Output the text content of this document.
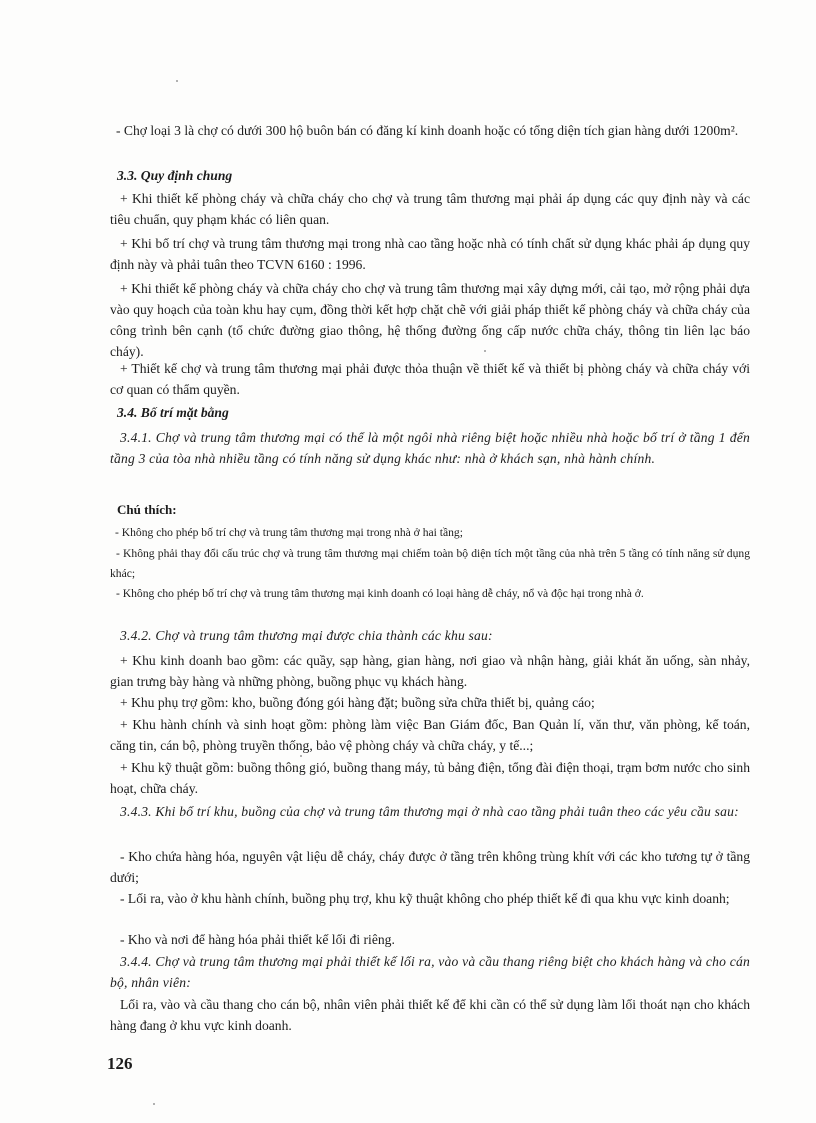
- Chợ loại 3 là chợ có dưới 300 hộ buôn bán có đăng kí kinh doanh hoặc có tổng diện tích gian hàng dưới 1200m².

3.3. Quy định chung

+ Khi thiết kế phòng cháy và chữa cháy cho chợ và trung tâm thương mại phải áp dụng các quy định này và các tiêu chuẩn, quy phạm khác có liên quan.

+ Khi bố trí chợ và trung tâm thương mại trong nhà cao tầng hoặc nhà có tính chất sử dụng khác phải áp dụng quy định này và phải tuân theo TCVN 6160 : 1996.

+ Khi thiết kế phòng cháy và chữa cháy cho chợ và trung tâm thương mại xây dựng mới, cải tạo, mở rộng phải dựa vào quy hoạch của toàn khu hay cụm, đồng thời kết hợp chặt chẽ với giải pháp thiết kế phòng cháy và chữa cháy của công trình bên cạnh (tổ chức đường giao thông, hệ thống đường ống cấp nước chữa cháy, thông tin liên lạc báo cháy).

+ Thiết kế chợ và trung tâm thương mại phải được thỏa thuận về thiết kế và thiết bị phòng cháy và chữa cháy với cơ quan có thẩm quyền.

3.4. Bố trí mặt bằng

3.4.1. Chợ và trung tâm thương mại có thể là một ngôi nhà riêng biệt hoặc nhiều nhà hoặc bố trí ở tầng 1 đến tầng 3 của tòa nhà nhiều tầng có tính năng sử dụng khác như: nhà ở khách sạn, nhà hành chính.

Chú thích:

- Không cho phép bố trí chợ và trung tâm thương mại trong nhà ở hai tầng;

- Không phải thay đổi cấu trúc chợ và trung tâm thương mại chiếm toàn bộ diện tích một tầng của nhà trên 5 tầng có tính năng sử dụng khác;

- Không cho phép bố trí chợ và trung tâm thương mại kinh doanh có loại hàng dễ cháy, nổ và độc hại trong nhà ở.

3.4.2. Chợ và trung tâm thương mại được chia thành các khu sau:

+ Khu kinh doanh bao gồm: các quầy, sạp hàng, gian hàng, nơi giao và nhận hàng, giải khát ăn uống, sàn nhảy, gian trưng bày hàng và những phòng, buồng phục vụ khách hàng.

+ Khu phụ trợ gồm: kho, buồng đóng gói hàng đặt; buồng sửa chữa thiết bị, quảng cáo;

+ Khu hành chính và sinh hoạt gồm: phòng làm việc Ban Giám đốc, Ban Quản lí, văn thư, văn phòng, kế toán, căng tin, cán bộ, phòng truyền thống, bảo vệ phòng cháy và chữa cháy, y tế...;

+ Khu kỹ thuật gồm: buồng thông gió, buồng thang máy, tủ bảng điện, tổng đài điện thoại, trạm bơm nước cho sinh hoạt, chữa cháy.

3.4.3. Khi bố trí khu, buồng của chợ và trung tâm thương mại ở nhà cao tầng phải tuân theo các yêu cầu sau:

- Kho chứa hàng hóa, nguyên vật liệu dễ cháy, cháy được ở tầng trên không trùng khít với các kho tương tự ở tầng dưới;

- Lối ra, vào ở khu hành chính, buồng phụ trợ, khu kỹ thuật không cho phép thiết kế đi qua khu vực kinh doanh;

- Kho và nơi để hàng hóa phải thiết kế lối đi riêng.

3.4.4. Chợ và trung tâm thương mại phải thiết kế lối ra, vào và cầu thang riêng biệt cho khách hàng và cho cán bộ, nhân viên:

Lối ra, vào và cầu thang cho cán bộ, nhân viên phải thiết kế để khi cần có thể sử dụng làm lối thoát nạn cho khách hàng đang ở khu vực kinh doanh.

126
